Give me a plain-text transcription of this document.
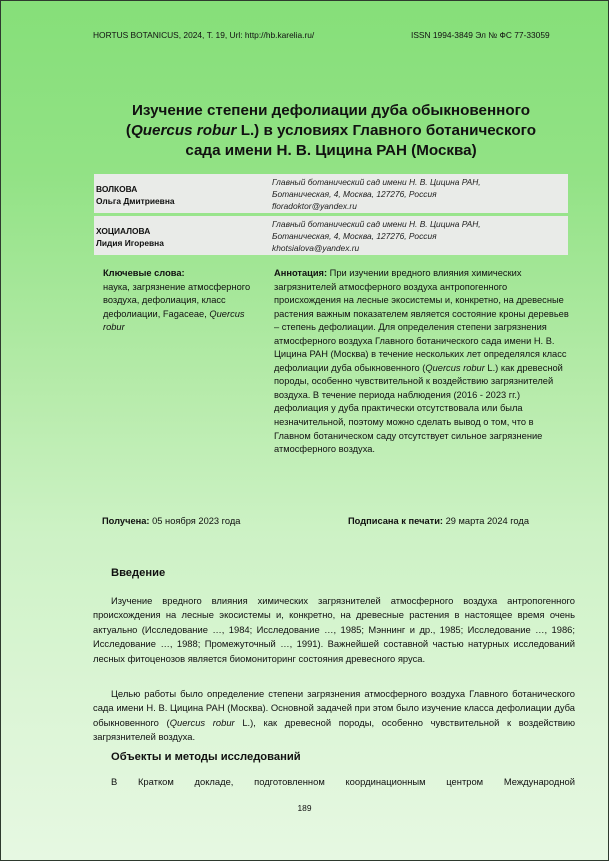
HORTUS BOTANICUS, 2024, Т. 19, Url: http://hb.karelia.ru/	ISSN 1994-3849 Эл № ФС 77-33059
Изучение степени дефолиации дуба обыкновенного
(Quercus robur L.) в условиях Главного ботанического
сада имени Н. В. Цицина РАН (Москва)
ВОЛКОВА
Ольга Дмитриевна
Главный ботанический сад имени Н. В. Цицина РАН,
Ботаническая, 4, Москва, 127276, Россия
floradoktor@yandex.ru
ХОЦИАЛОВА
Лидия Игоревна
Главный ботанический сад имени Н. В. Цицина РАН,
Ботаническая, 4, Москва, 127276, Россия
khotsialova@yandex.ru
Ключевые слова:
наука, загрязнение атмосферного воздуха, дефолиация, класс дефолиации, Fagaceae, Quercus robur
Аннотация: При изучении вредного влияния химических загрязнителей атмосферного воздуха антропогенного происхождения на лесные экосистемы и, конкретно, на древесные растения важным показателем является состояние кроны деревьев – степень дефолиации. Для определения степени загрязнения атмосферного воздуха Главного ботанического сада имени Н. В. Цицина РАН (Москва) в течение нескольких лет определялся класс дефолиации дуба обыкновенного (Quercus robur L.) как древесной породы, особенно чувствительной к воздействию загрязнителей воздуха. В течение периода наблюдения (2016 - 2023 гг.) дефолиация у дуба практически отсутствовала или была незначительной, поэтому можно сделать вывод о том, что в Главном ботаническом саду отсутствует сильное загрязнение атмосферного воздуха.
Получена: 05 ноября 2023 года	Подписана к печати: 29 марта 2024 года
Введение
Изучение вредного влияния химических загрязнителей атмосферного воздуха антропогенного происхождения на лесные экосистемы и, конкретно, на древесные растения в настоящее время очень актуально (Исследование …, 1984; Исследование …, 1985; Мэннинг и др., 1985; Исследование …, 1986; Исследование …, 1988; Промежуточный …, 1991). Важнейшей составной частью натурных исследований лесных фитоценозов является биомониторинг состояния древесного яруса.
Целью работы было определение степени загрязнения атмосферного воздуха Главного ботанического сада имени Н. В. Цицина РАН (Москва). Основной задачей при этом было изучение класса дефолиации дуба обыкновенного (Quercus robur L.), как древесной породы, особенно чувствительной к воздействию загрязнителей воздуха.
Объекты и методы исследований
В Кратком докладе, подготовленном координационным центром Международной
189
